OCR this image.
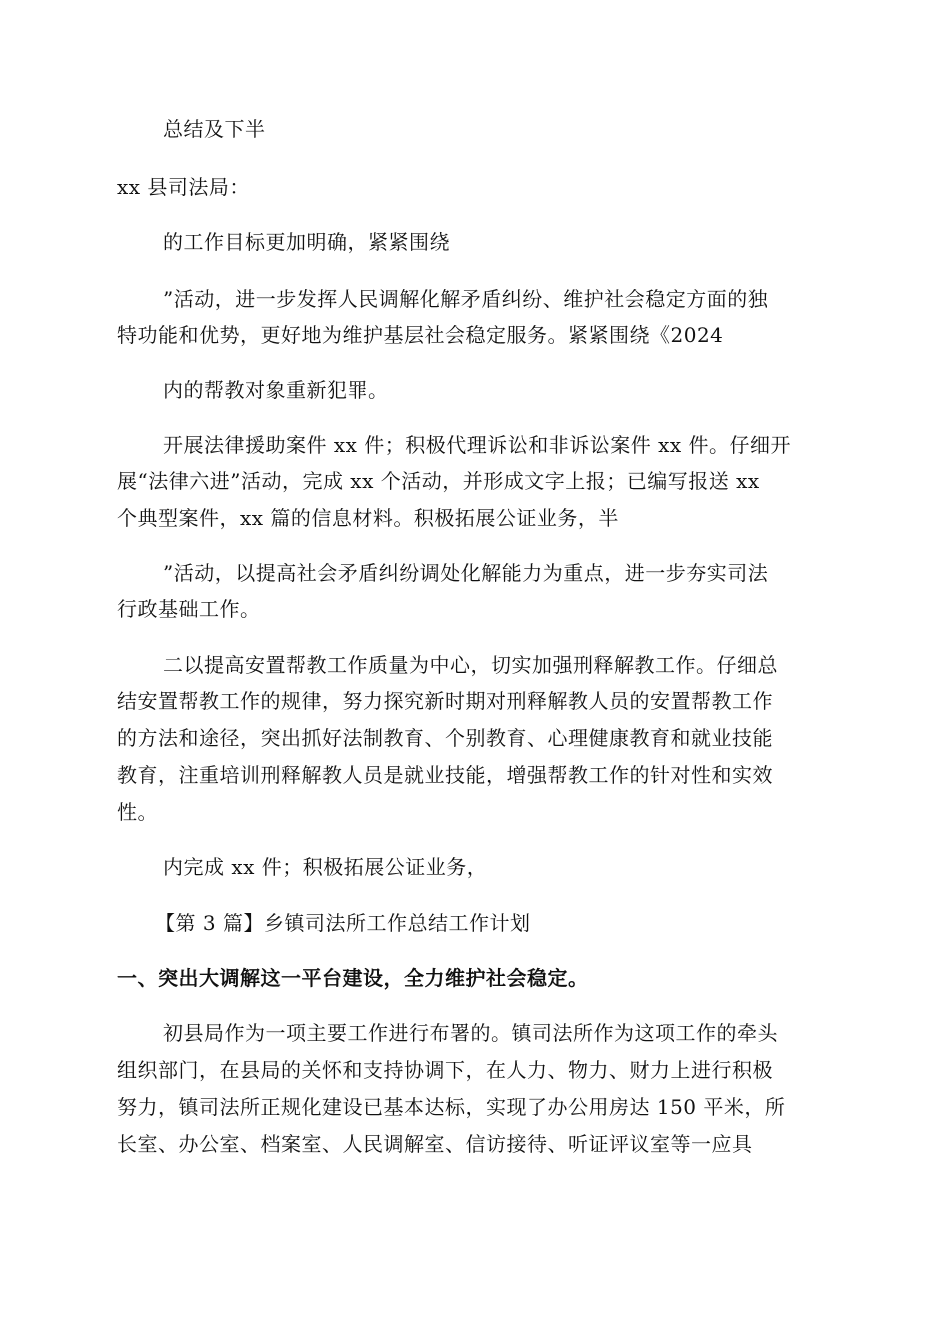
总结及下半
xx 县司法局：
的工作目标更加明确，紧紧围绕
”活动，进一步发挥人民调解化解矛盾纠纷、维护社会稳定方面的独
特功能和优势，更好地为维护基层社会稳定服务。紧紧围绕《2024
内的帮教对象重新犯罪。
开展法律援助案件 xx 件；积极代理诉讼和非诉讼案件 xx 件。仔细开
展“法律六进”活动，完成 xx 个活动，并形成文字上报；已编写报送 xx
个典型案件，xx 篇的信息材料。积极拓展公证业务，半
”活动，以提高社会矛盾纠纷调处化解能力为重点，进一步夯实司法
行政基础工作。
二以提高安置帮教工作质量为中心，切实加强刑释解教工作。仔细总
结安置帮教工作的规律，努力探究新时期对刑释解教人员的安置帮教工作
的方法和途径，突出抓好法制教育、个别教育、心理健康教育和就业技能
教育，注重培训刑释解教人员是就业技能，增强帮教工作的针对性和实效
性。
内完成 xx 件；积极拓展公证业务，
【第 3 篇】乡镇司法所工作总结工作计划
一、突出大调解这一平台建设，全力维护社会稳定。
初县局作为一项主要工作进行布署的。镇司法所作为这项工作的牵头
组织部门，在县局的关怀和支持协调下，在人力、物力、财力上进行积极
努力，镇司法所正规化建设已基本达标，实现了办公用房达 150 平米，所
长室、办公室、档案室、人民调解室、信访接待、听证评议室等一应具
